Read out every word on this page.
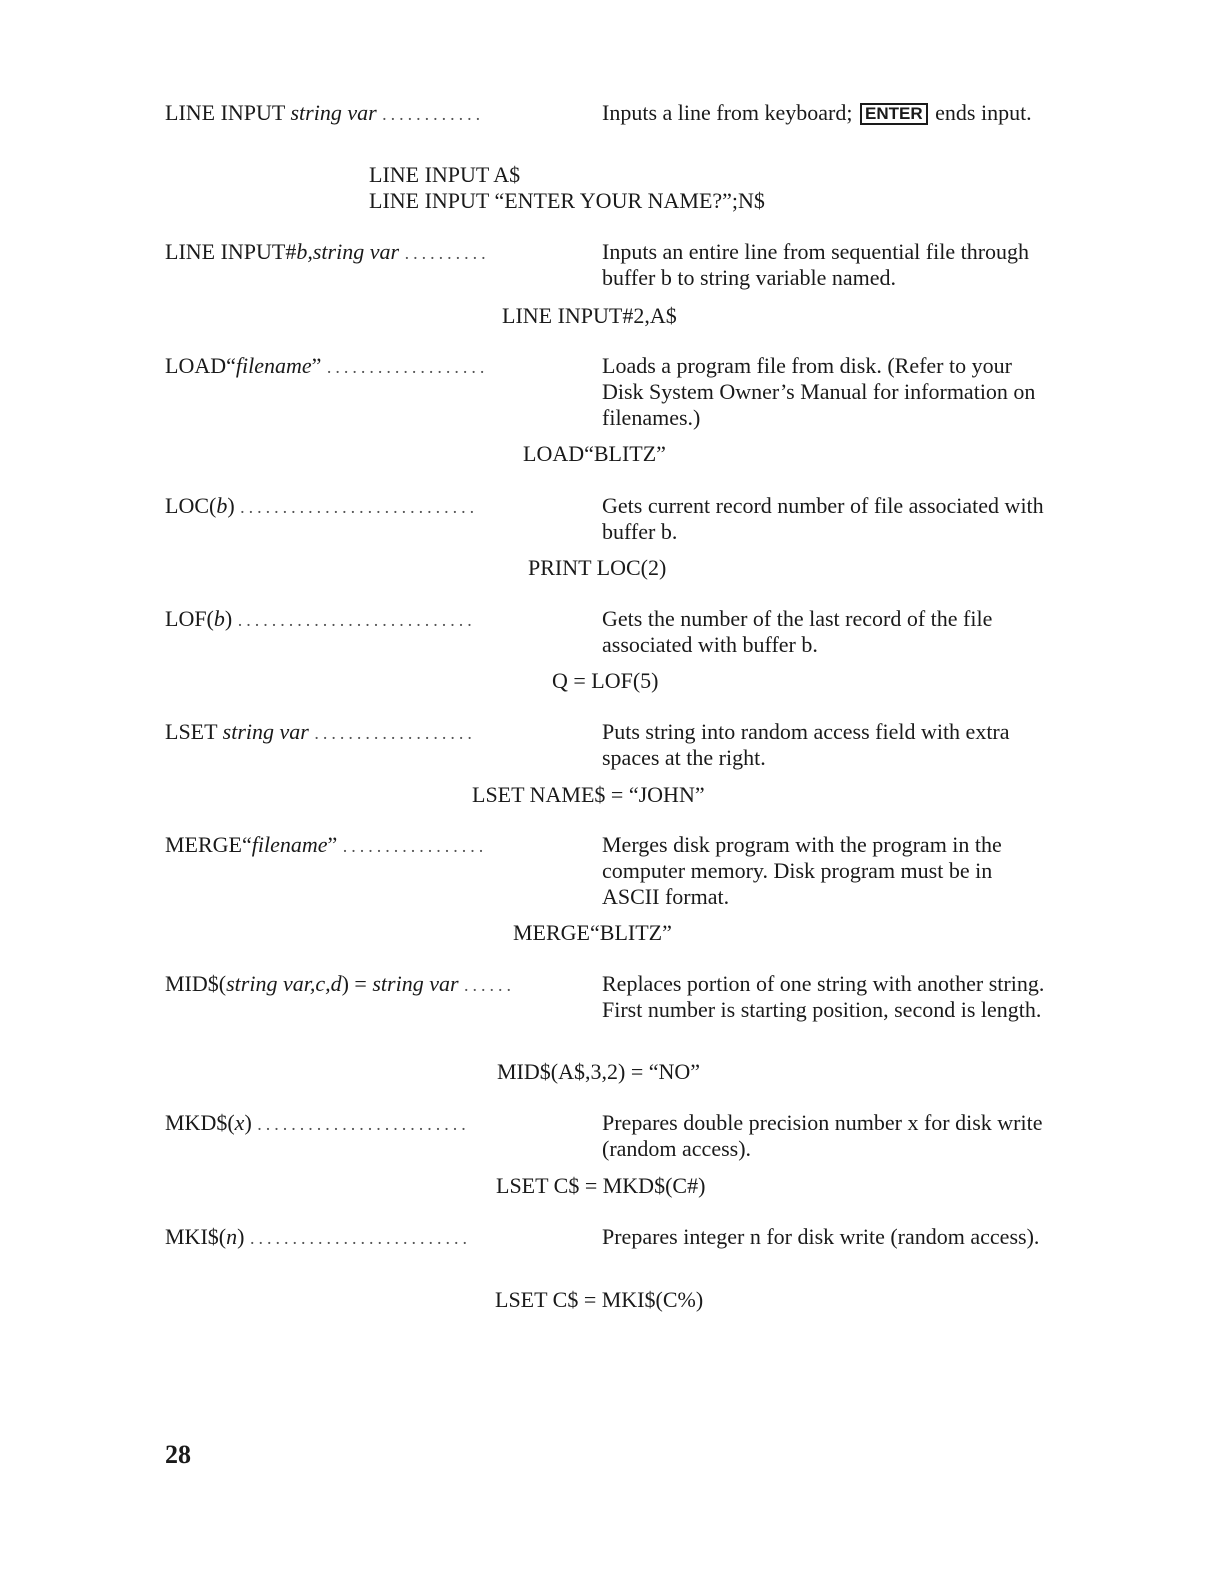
LINE INPUT string var ............	Inputs a line from keyboard; ENTER ends input.
LINE INPUT A$
LINE INPUT “ENTER YOUR NAME?”;N$
LINE INPUT#b,string var ..........	Inputs an entire line from sequential file through buffer b to string variable named.
LINE INPUT#2,A$
LOAD“filename” ...................	Loads a program file from disk. (Refer to your Disk System Owner’s Manual for information on filenames.)
LOAD“BLITZ”
LOC(b) ............................	Gets current record number of file associated with buffer b.
PRINT LOC(2)
LOF(b) ............................	Gets the number of the last record of the file associated with buffer b.
Q = LOF(5)
LSET string var ...................	Puts string into random access field with extra spaces at the right.
LSET NAME$ = “JOHN”
MERGE“filename” .................	Merges disk program with the program in the computer memory. Disk program must be in ASCII format.
MERGE“BLITZ”
MID$(string var,c,d) = string var ......	Replaces portion of one string with another string. First number is starting position, second is length.
MID$(A$,3,2) = “NO”
MKD$(x) .........................	Prepares double precision number x for disk write (random access).
LSET C$ = MKD$(C#)
MKI$(n) ..........................	Prepares integer n for disk write (random access).
LSET C$ = MKI$(C%)
28
